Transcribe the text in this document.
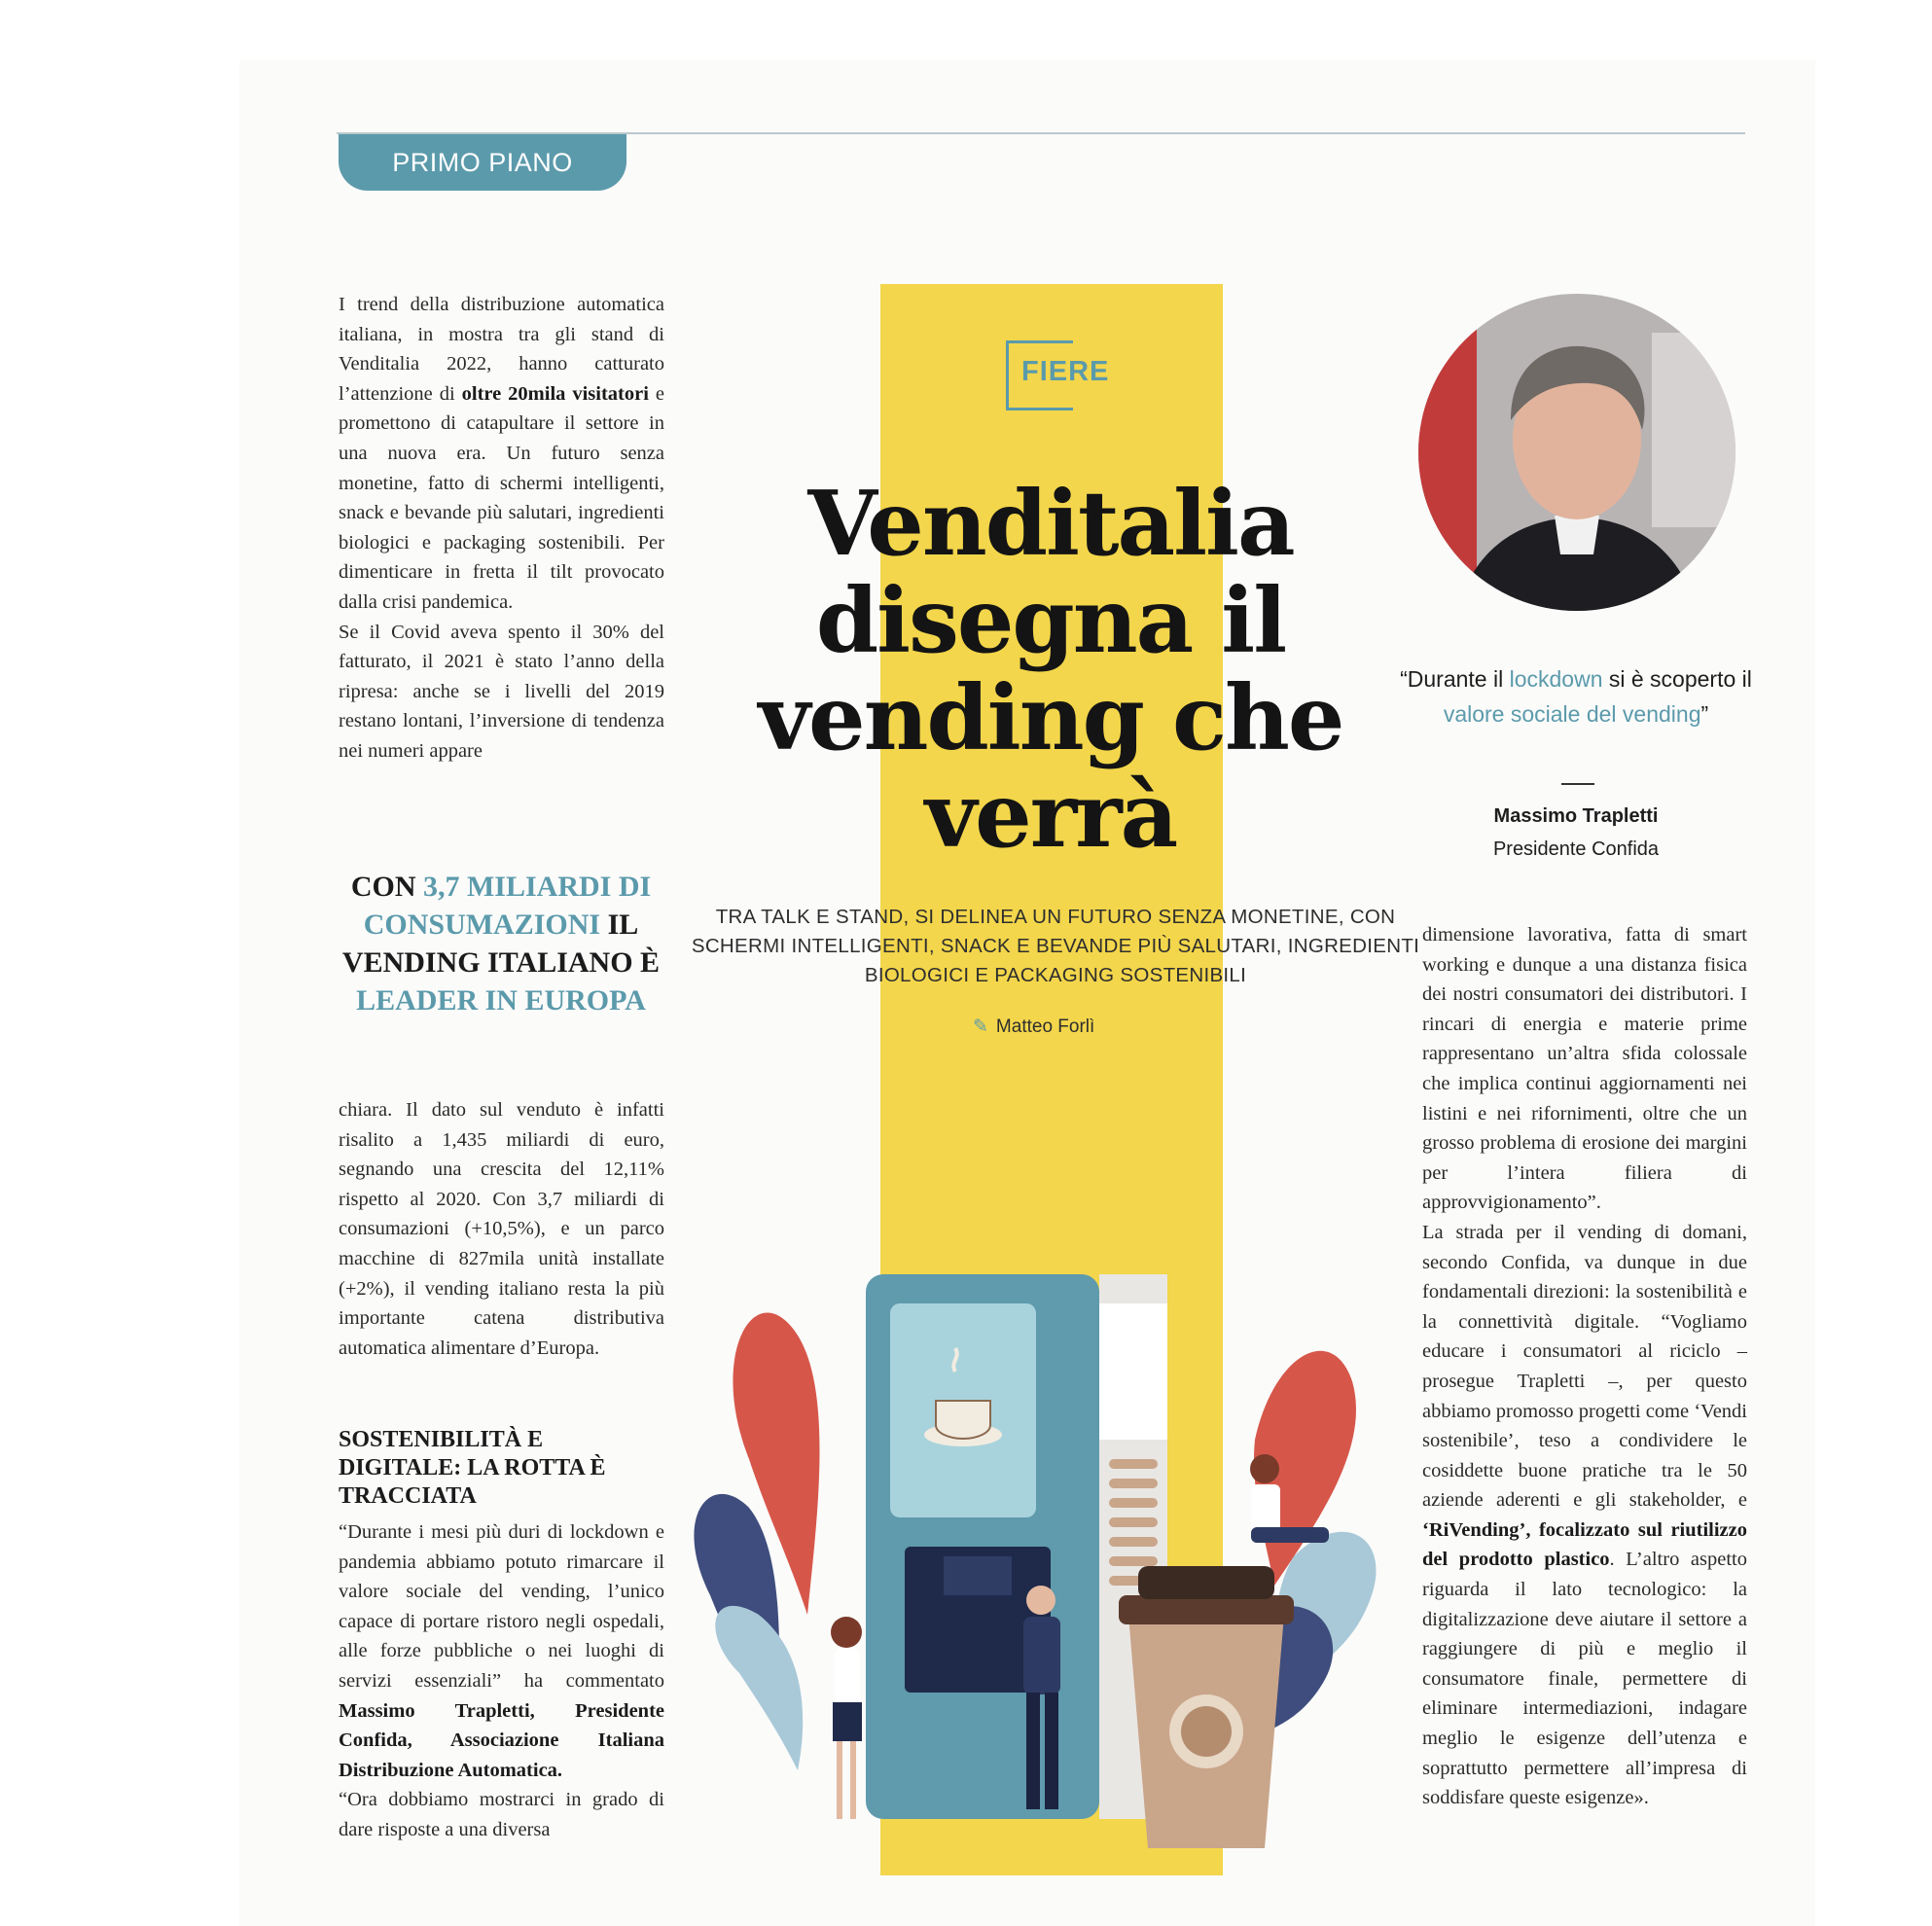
PRIMO PIANO

I trend della distribuzione automatica italiana, in mostra tra gli stand di Venditalia 2022, hanno catturato l’attenzione di oltre 20mila visitatori e promettono di catapultare il settore in una nuova era. Un futuro senza monetine, fatto di schermi intelligenti, snack e bevande più salutari, ingredienti biologici e packaging sostenibili. Per dimenticare in fretta il tilt provocato dalla crisi pandemica.

Se il Covid aveva spento il 30% del fatturato, il 2021 è stato l’anno della ripresa: anche se i livelli del 2019 restano lontani, l’inversione di tendenza nei numeri appare

CON 3,7 MILIARDI DI CONSUMAZIONI IL VENDING ITALIANO È LEADER IN EUROPA

chiara. Il dato sul venduto è infatti risalito a 1,435 miliardi di euro, segnando una crescita del 12,11% rispetto al 2020. Con 3,7 miliardi di consumazioni (+10,5%), e un parco macchine di 827mila unità installate (+2%), il vending italiano resta la più importante catena distributiva automatica alimentare d’Europa.

SOSTENIBILITÀ E DIGITALE: LA ROTTA È TRACCIATA

“Durante i mesi più duri di lockdown e pandemia abbiamo potuto rimarcare il valore sociale del vending, l’unico capace di portare ristoro negli ospedali, alle forze pubbliche o nei luoghi di servizi essenziali” ha commentato Massimo Trapletti, Presidente Confida, Associazione Italiana Distribuzione Automatica.

“Ora dobbiamo mostrarci in grado di dare risposte a una diversa

FIERE
Venditalia disegna il vending che verrà
TRA TALK E STAND, SI DELINEA UN FUTURO SENZA MONETINE, CON SCHERMI INTELLIGENTI, SNACK E BEVANDE PIÙ SALUTARI, INGREDIENTI BIOLOGICI E PACKAGING SOSTENIBILI
✎ Matteo Forlì
“Durante il lockdown si è scoperto il valore sociale del vending”
Massimo Trapletti
Presidente Confida

dimensione lavorativa, fatta di smart working e dunque a una distanza fisica dei nostri consumatori dei distributori. I rincari di energia e materie prime rappresentano un’altra sfida colossale che implica continui aggiornamenti nei listini e nei rifornimenti, oltre che un grosso problema di erosione dei margini per l’intera filiera di approvvigionamento”.

La strada per il vending di domani, secondo Confida, va dunque in due fondamentali direzioni: la sostenibilità e la connettività digitale. “Vogliamo educare i consumatori al riciclo – prosegue Trapletti –, per questo abbiamo promosso progetti come ‘Vendi sostenibile’, teso a condividere le cosiddette buone pratiche tra le 50 aziende aderenti e gli stakeholder, e ‘RiVending’, focalizzato sul riutilizzo del prodotto plastico. L’altro aspetto riguarda il lato tecnologico: la digitalizzazione deve aiutare il settore a raggiungere di più e meglio il consumatore finale, permettere di eliminare intermediazioni, indagare meglio le esigenze dell’utenza e soprattutto permettere all’impresa di soddisfare queste esigenze».
